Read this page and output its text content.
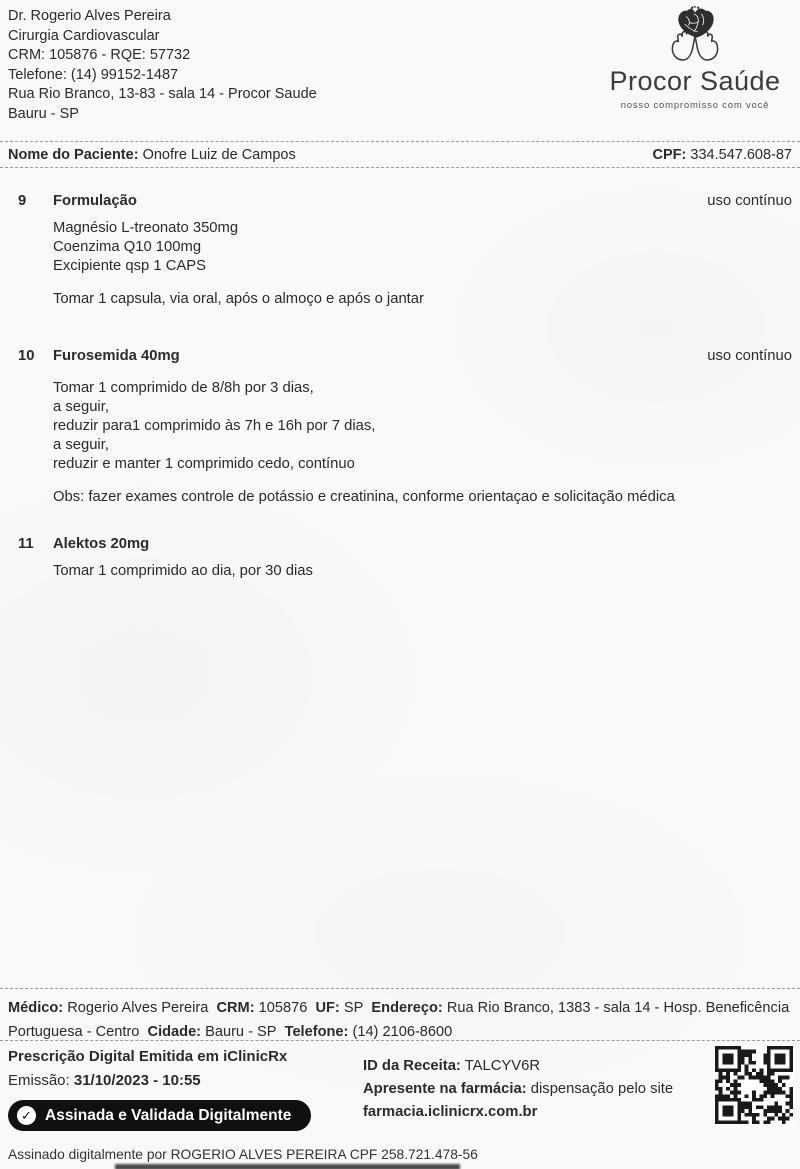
Dr. Rogerio Alves Pereira
Cirurgia Cardiovascular
CRM: 105876 - RQE: 57732
Telefone: (14) 99152-1487
Rua Rio Branco, 13-83 - sala 14 - Procor Saude
Bauru - SP
Procor Saúde
nosso compromisso com você
Nome do Paciente: Onofre Luiz de Campos	CPF: 334.547.608-87
9	Formulação	uso contínuo
Magnésio L-treonato 350mg
Coenzima Q10 100mg
Excipiente qsp 1 CAPS
Tomar 1 capsula, via oral, após o almoço e após o jantar
10	Furosemida 40mg	uso contínuo
Tomar 1 comprimido de 8/8h por 3 dias,
a seguir,
reduzir para1 comprimido às 7h e 16h por 7 dias,
a seguir,
reduzir e manter 1 comprimido cedo, contínuo
Obs: fazer exames controle de potássio e creatinina, conforme orientaçao e solicitação médica
11	Alektos 20mg
Tomar 1 comprimido ao dia, por 30 dias

Médico: Rogerio Alves Pereira CRM: 105876 UF: SP Endereço: Rua Rio Branco, 1383 - sala 14 - Hosp. Beneficência Portuguesa - Centro Cidade: Bauru - SP Telefone: (14) 2106-8600

Prescrição Digital Emitida em iClinicRx
Emissão: 31/10/2023 - 10:55
✓ Assinada e Validada Digitalmente
ID da Receita: TALCYV6R
Apresente na farmácia: dispensação pelo site
farmacia.iclinicrx.com.br
Assinado digitalmente por ROGERIO ALVES PEREIRA CPF 258.721.478-56
